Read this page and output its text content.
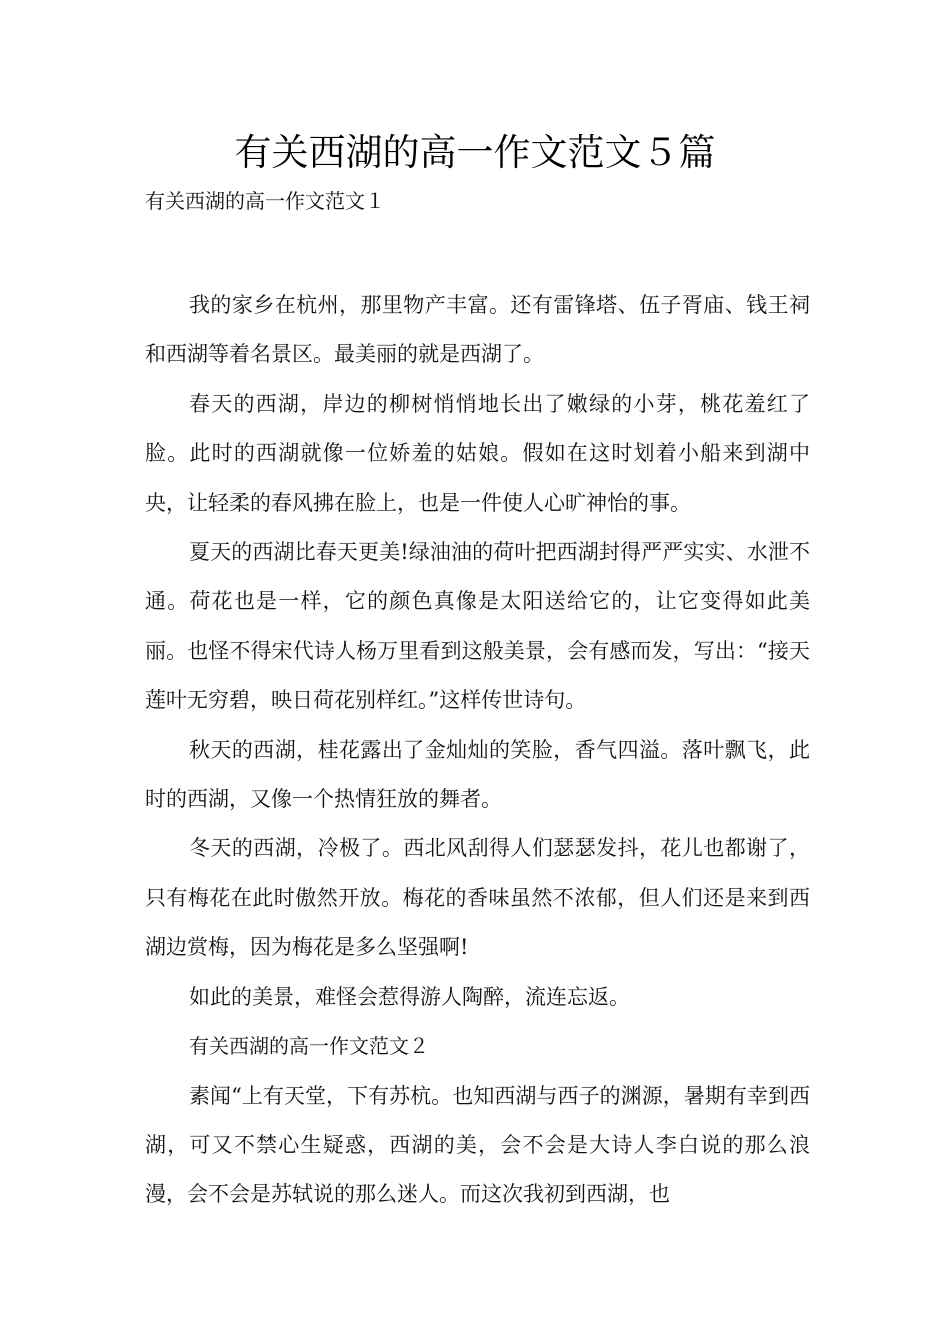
有关西湖的高一作文范文５篇

有关西湖的高一作文范文１

我的家乡在杭州，那里物产丰富。还有雷锋塔、伍子胥庙、钱王祠和西湖等着名景区。最美丽的就是西湖了。

春天的西湖，岸边的柳树悄悄地长出了嫩绿的小芽，桃花羞红了脸。此时的西湖就像一位娇羞的姑娘。假如在这时划着小船来到湖中央，让轻柔的春风拂在脸上，也是一件使人心旷神怡的事。

夏天的西湖比春天更美!绿油油的荷叶把西湖封得严严实实、水泄不通。荷花也是一样，它的颜色真像是太阳送给它的，让它变得如此美丽。也怪不得宋代诗人杨万里看到这般美景，会有感而发，写出：“接天莲叶无穷碧，映日荷花别样红。”这样传世诗句。

秋天的西湖，桂花露出了金灿灿的笑脸，香气四溢。落叶飘飞，此时的西湖，又像一个热情狂放的舞者。

冬天的西湖，冷极了。西北风刮得人们瑟瑟发抖，花儿也都谢了，只有梅花在此时傲然开放。梅花的香味虽然不浓郁，但人们还是来到西湖边赏梅，因为梅花是多么坚强啊!

如此的美景，难怪会惹得游人陶醉，流连忘返。

有关西湖的高一作文范文２

素闻“上有天堂，下有苏杭。也知西湖与西子的渊源，暑期有幸到西湖，可又不禁心生疑惑，西湖的美，会不会是大诗人李白说的那么浪漫，会不会是苏轼说的那么迷人。而这次我初到西湖，也
